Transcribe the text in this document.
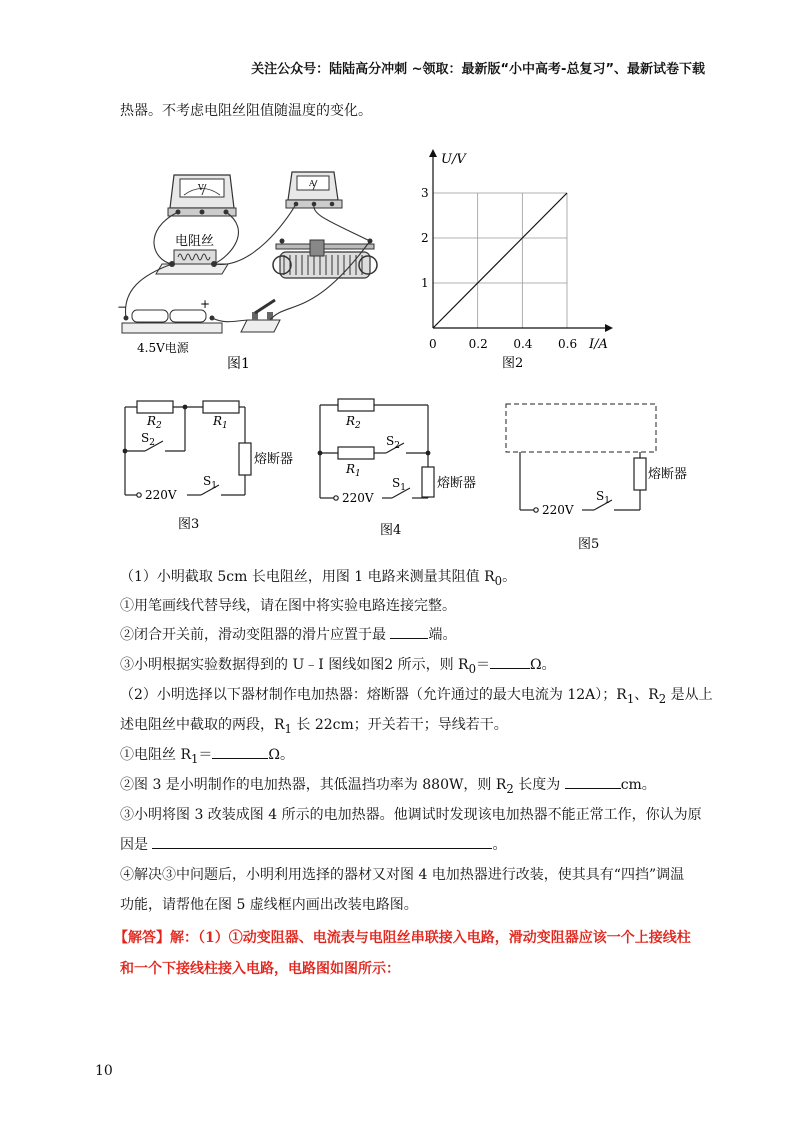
关注公众号：陆陆高分冲刺 ~领取：最新版“小中高考-总复习”、最新试卷下载
热器。不考虑电阻丝阻值随温度的变化。
V	A
电阻丝
−	+
4.5V电源
图1
0.2 0.4 0.6
1
2
3
U/V
I/A
0
图2
$R_2$	$R_1$
$S_2$
$S_1$
220V
熔断器
图3
$R_2$
$R_1$
$S_2$
$S_1$
220V
熔断器
图4
$S_1$
220V
熔断器
图5
（1）小明截取 5cm 长电阻丝，用图 1 电路来测量其阻值 $R_0$。
①用笔画线代替导线，请在图中将实验电路连接完整。
②闭合开关前，滑动变阻器的滑片应置于最	端。
③小明根据实验数据得到的 U﹣I 图线如图2 所示，则 $R_0=$	Ω。
（2）小明选择以下器材制作电加热器：熔断器（允许通过的最大电流为 12A）；$R_1$、$R_2$ 是从上
述电阻丝中截取的两段，$R_1$ 长 22cm；开关若干；导线若干。
①电阻丝 $R_1=$	Ω。
②图 3 是小明制作的电加热器，其低温挡功率为 880W，则 $R_2$ 长度为	cm。
③小明将图 3 改装成图 4 所示的电加热器。他调试时发现该电加热器不能正常工作，你认为原
因是	。
④解决③中问题后，小明利用选择的器材又对图 4 电加热器进行改装，使其具有“四挡”调温
功能，请帮他在图 5 虚线框内画出改装电路图。
【解答】解：（1）①动变阻器、电流表与电阻丝串联接入电路，滑动变阻器应该一个上接线柱
和一个下接线柱接入电路，电路图如图所示：
10
